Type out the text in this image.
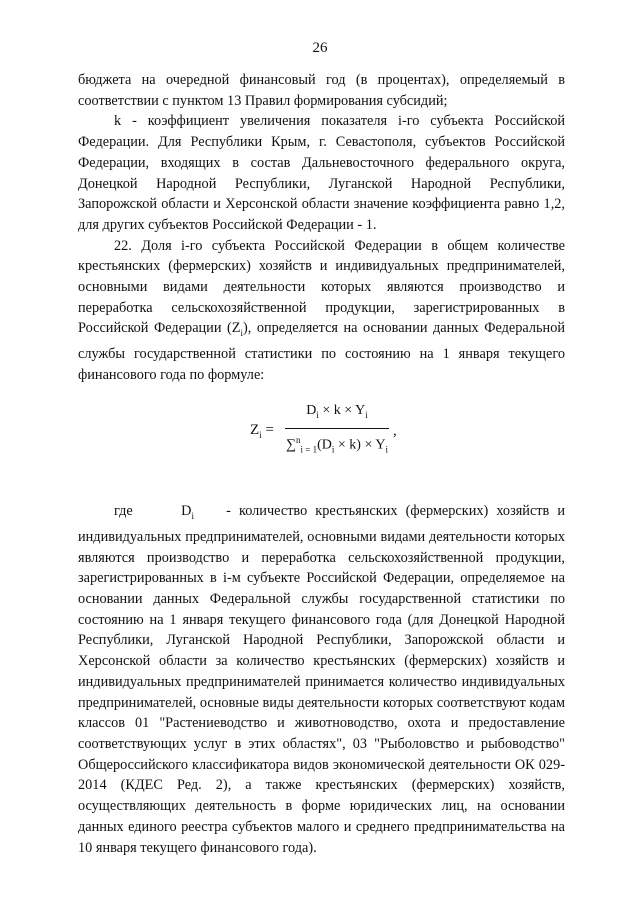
26

бюджета на очередной финансовый год (в процентах), определяемый в соответствии с пунктом 13 Правил формирования субсидий;

k - коэффициент увеличения показателя i-го субъекта Российской Федерации. Для Республики Крым, г. Севастополя, субъектов Российской Федерации, входящих в состав Дальневосточного федерального округа, Донецкой Народной Республики, Луганской Народной Республики, Запорожской области и Херсонской области значение коэффициента равно 1,2, для других субъектов Российской Федерации - 1.

22. Доля i-го субъекта Российской Федерации в общем количестве крестьянских (фермерских) хозяйств и индивидуальных предпринимателей, основными видами деятельности которых являются производство и переработка сельскохозяйственной продукции, зарегистрированных в Российской Федерации $(Z_i)$, определяется на основании данных Федеральной службы государственной статистики по состоянию на 1 января текущего финансового года по формуле:

$Z_i = \frac{D_i \times k \times Y_i}{\sum^n_{i = 1}(D_i \times k) \times Y_i}$ ,

где	$D_i$ - количество крестьянских (фермерских) хозяйств и индивидуальных предпринимателей, основными видами деятельности которых являются производство и переработка сельскохозяйственной продукции, зарегистрированных в i-м субъекте Российской Федерации, определяемое на основании данных Федеральной службы государственной статистики по состоянию на 1 января текущего финансового года (для Донецкой Народной Республики, Луганской Народной Республики, Запорожской области и Херсонской области за количество крестьянских (фермерских) хозяйств и индивидуальных предпринимателей принимается количество индивидуальных предпринимателей, основные виды деятельности которых соответствуют кодам классов 01 "Растениеводство и животноводство, охота и предоставление соответствующих услуг в этих областях", 03 "Рыболовство и рыбоводство" Общероссийского классификатора видов экономической деятельности ОК 029-2014 (КДЕС Ред. 2), а также крестьянских (фермерских) хозяйств, осуществляющих деятельность в форме юридических лиц, на основании данных единого реестра субъектов малого и среднего предпринимательства на 10 января текущего финансового года).
